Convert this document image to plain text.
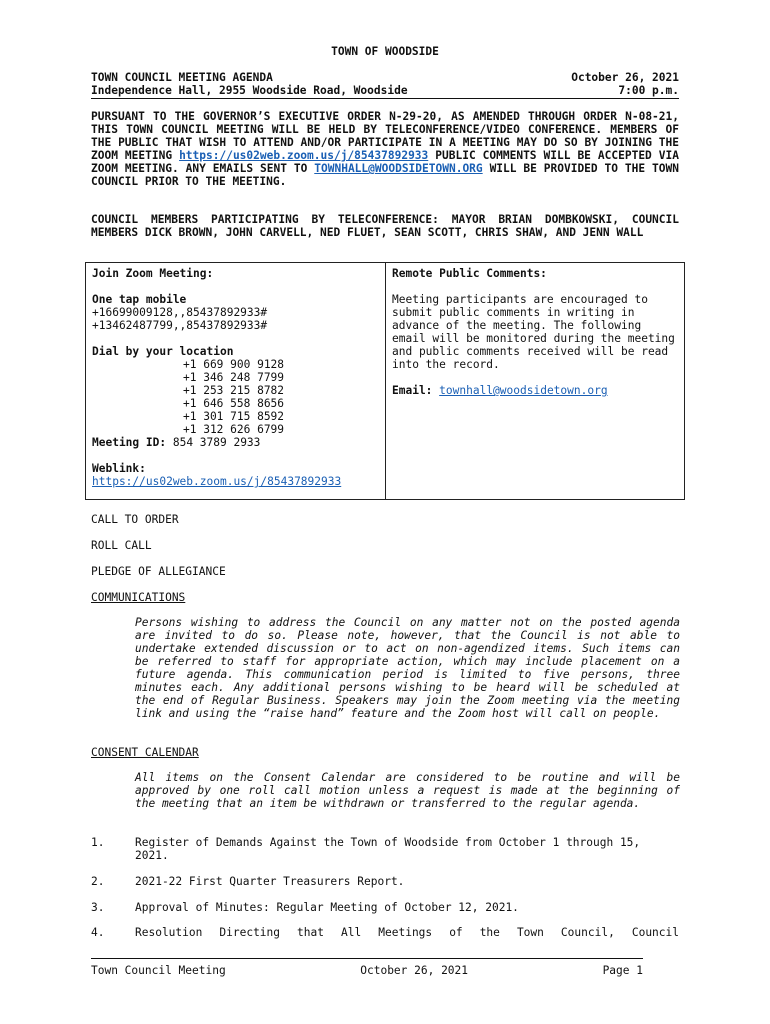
TOWN OF WOODSIDE
TOWN COUNCIL MEETING AGENDA	October 26, 2021
Independence Hall, 2955 Woodside Road, Woodside	7:00 p.m.
PURSUANT TO THE GOVERNOR’S EXECUTIVE ORDER N-29-20, AS AMENDED THROUGH ORDER N-08-21, THIS TOWN COUNCIL MEETING WILL BE HELD BY TELECONFERENCE/VIDEO CONFERENCE. MEMBERS OF THE PUBLIC THAT WISH TO ATTEND AND/OR PARTICIPATE IN A MEETING MAY DO SO BY JOINING THE ZOOM MEETING https://us02web.zoom.us/j/85437892933 PUBLIC COMMENTS WILL BE ACCEPTED VIA ZOOM MEETING. ANY EMAILS SENT TO TOWNHALL@WOODSIDETOWN.ORG WILL BE PROVIDED TO THE TOWN COUNCIL PRIOR TO THE MEETING.
COUNCIL MEMBERS PARTICIPATING BY TELECONFERENCE: MAYOR BRIAN DOMBKOWSKI, COUNCIL MEMBERS DICK BROWN, JOHN CARVELL, NED FLUET, SEAN SCOTT, CHRIS SHAW, AND JENN WALL
Join Zoom Meeting:
One tap mobile
+16699009128,,85437892933#
+13462487799,,85437892933#
Dial by your location
+1 669 900 9128
+1 346 248 7799
+1 253 215 8782
+1 646 558 8656
+1 301 715 8592
+1 312 626 6799
Meeting ID: 854 3789 2933
Weblink:
https://us02web.zoom.us/j/85437892933
Remote Public Comments:
Meeting participants are encouraged to submit public comments in writing in advance of the meeting. The following email will be monitored during the meeting and public comments received will be read into the record.
Email: townhall@woodsidetown.org
CALL TO ORDER
ROLL CALL
PLEDGE OF ALLEGIANCE
COMMUNICATIONS
Persons wishing to address the Council on any matter not on the posted agenda are invited to do so. Please note, however, that the Council is not able to undertake extended discussion or to act on non-agendized items. Such items can be referred to staff for appropriate action, which may include placement on a future agenda. This communication period is limited to five persons, three minutes each. Any additional persons wishing to be heard will be scheduled at the end of Regular Business. Speakers may join the Zoom meeting via the meeting link and using the “raise hand” feature and the Zoom host will call on people.
CONSENT CALENDAR
All items on the Consent Calendar are considered to be routine and will be approved by one roll call motion unless a request is made at the beginning of the meeting that an item be withdrawn or transferred to the regular agenda.
1.	Register of Demands Against the Town of Woodside from October 1 through 15, 2021.
2.	2021-22 First Quarter Treasurers Report.
3.	Approval of Minutes: Regular Meeting of October 12, 2021.
4.	Resolution Directing that All Meetings of the Town Council, Council
Town Council Meeting	October 26, 2021	Page 1
